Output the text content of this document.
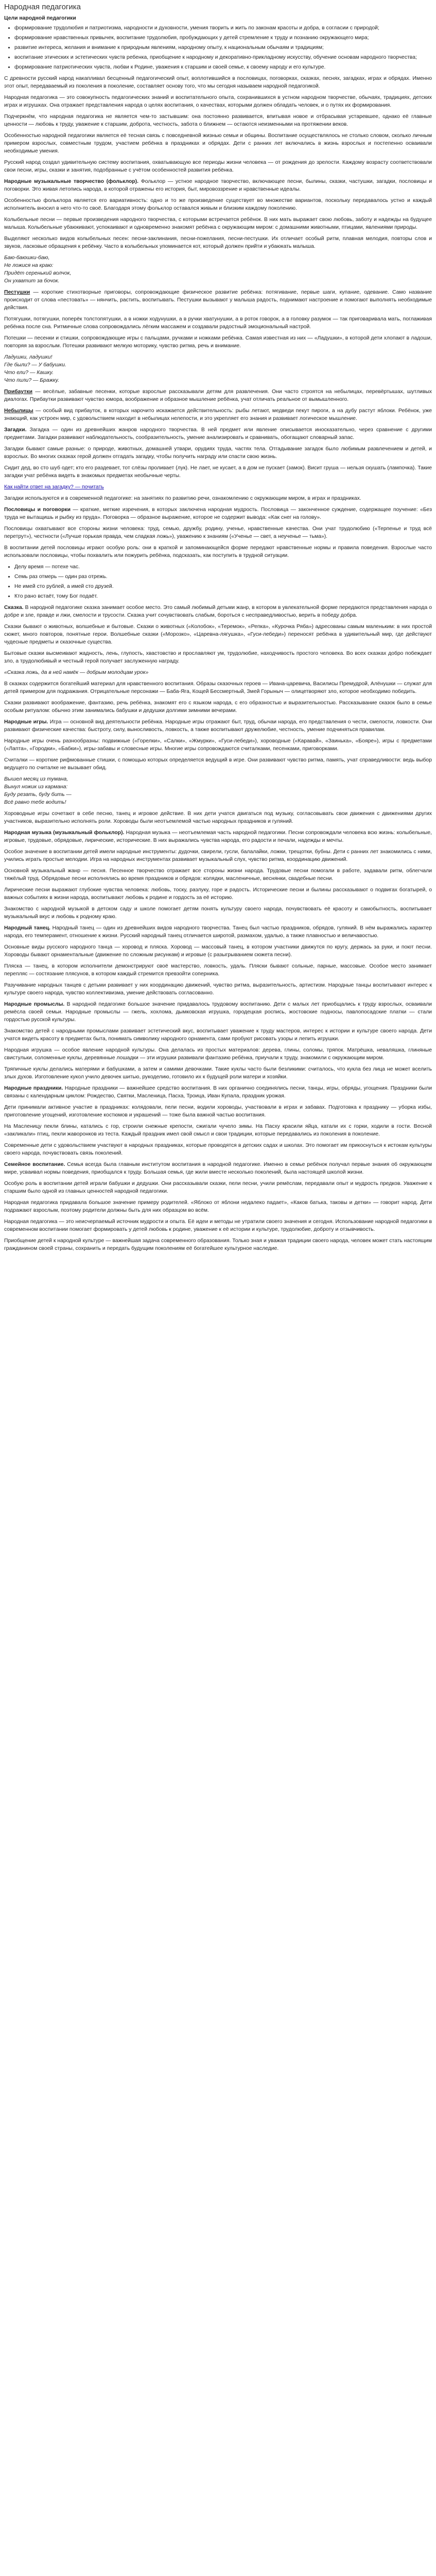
Народная педагогика
Цели народной педагогики
• формирование трудолюбия и патриотизма, народности и духовности, умения творить и жить по законам красоты и добра, в согласии с природой;
• формирование нравственных привычек, воспитание трудолюбия, пробуждающих у детей стремление к труду и познанию окружающего мира;
• развитие интереса, желания и внимание к природным явлениям, народному опыту, к национальным обычаям и традициям;
• воспитание этических и эстетических чувств ребенка, приобщение к народному и декоративно-прикладному искусству, обучение основам народного творчества;
• формирование патриотических чувств, любви к Родине, уважения к старшим и своей семье, к своему народу и его культуре.

С древности русский народ накапливал бесценный педагогический опыт, воплотившийся в пословицах, поговорках, сказках, песнях, загадках, играх и обрядах. Именно этот опыт, передаваемый из поколения в поколение, составляет основу того, что мы сегодня называем народной педагогикой.

Народная педагогика — это совокупность педагогических знаний и воспитательного опыта, сохранившихся в устном народном творчестве, обычаях, традициях, детских играх и игрушках. Она отражает представления народа о целях воспитания, о качествах, которыми должен обладать человек, и о путях их формирования.

Подчеркнём, что народная педагогика не является чем-то застывшим: она постоянно развивается, впитывая новое и отбрасывая устаревшее, однако её главные ценности — любовь к труду, уважение к старшим, доброта, честность, забота о ближнем — остаются неизменными на протяжении веков.

Особенностью народной педагогики является её тесная связь с повседневной жизнью семьи и общины. Воспитание осуществлялось не столько словом, сколько личным примером взрослых, совместным трудом, участием ребёнка в праздниках и обрядах. Дети с ранних лет включались в жизнь взрослых и постепенно осваивали необходимые умения.

Русский народ создал удивительную систему воспитания, охватывающую все периоды жизни человека — от рождения до зрелости. Каждому возрасту соответствовали свои песни, игры, сказки и занятия, подобранные с учётом особенностей развития ребёнка.

Народные музыкальные творчество (фольклор). Фольклор — устное народное творчество, включающее песни, былины, сказки, частушки, загадки, пословицы и поговорки. Это живая летопись народа, в которой отражены его история, быт, мировоззрение и нравственные идеалы.

Особенностью фольклора является его вариативность: одно и то же произведение существует во множестве вариантов, поскольку передавалось устно и каждый исполнитель вносил в него что-то своё. Благодаря этому фольклор оставался живым и близким каждому поколению.

Колыбельные песни — первые произведения народного творчества, с которыми встречается ребёнок. В них мать выражает свою любовь, заботу и надежды на будущее малыша. Колыбельные убаюкивают, успокаивают и одновременно знакомят ребёнка с окружающим миром: с домашними животными, птицами, явлениями природы.

Выделяют несколько видов колыбельных песен: песни-заклинания, песни-пожелания, песни-пестушки. Их отличает особый ритм, плавная мелодия, повторы слов и звуков, ласковые обращения к ребёнку. Часто в колыбельных упоминается кот, который должен прийти и убаюкать малыша.

Баю-баюшки-баю,
Не ложися на краю:
Придёт серенький волчок,
Он ухватит за бочок.

Пестушки — короткие стихотворные приговоры, сопровождающие физическое развитие ребёнка: потягивание, первые шаги, купание, одевание. Само название происходит от слова «пестовать» — нянчить, растить, воспитывать. Пестушки вызывают у малыша радость, поднимают настроение и помогают выполнять необходимые действия.

Потягушки, потягушки, поперёк толстопятушки, а в ножки ходунушки, а в ручки хватунушки, а в роток говорок, а в головку разумок — так приговаривала мать, поглаживая ребёнка после сна. Ритмичные слова сопровождались лёгким массажем и создавали радостный эмоциональный настрой.

Потешки — песенки и стишки, сопровождающие игры с пальцами, ручками и ножками ребёнка. Самая известная из них — «Ладушки», в которой дети хлопают в ладоши, повторяя за взрослым. Потешки развивают мелкую моторику, чувство ритма, речь и внимание.

Ладушки, ладушки!
Где были? — У бабушки.
Что ели? — Кашку.
Что пили? — Бражку.

Прибаутки — весёлые, забавные песенки, которые взрослые рассказывали детям для развлечения. Они часто строятся на небылицах, перевёртышах, шутливых диалогах. Прибаутки развивают чувство юмора, воображение и образное мышление ребёнка, учат отличать реальное от вымышленного.

Небылицы — особый вид прибауток, в которых нарочито искажается действительность: рыбы летают, медведи пекут пироги, а на дубу растут яблоки. Ребёнок, уже знающий, как устроен мир, с удовольствием находит в небылицах нелепости, и это укрепляет его знания и развивает логическое мышление.

Загадки. Загадка — один из древнейших жанров народного творчества. В ней предмет или явление описывается иносказательно, через сравнение с другими предметами. Загадки развивают наблюдательность, сообразительность, умение анализировать и сравнивать, обогащают словарный запас.

Загадки бывают самые разные: о природе, животных, домашней утвари, орудиях труда, частях тела. Отгадывание загадок было любимым развлечением и детей, и взрослых. Во многих сказках герой должен отгадать загадку, чтобы получить награду или спасти свою жизнь.

Сидит дед, во сто шуб одет; кто его раздевает, тот слёзы проливает (лук). Не лает, не кусает, а в дом не пускает (замок). Висит груша — нельзя скушать (лампочка). Такие загадки учат ребёнка видеть в знакомых предметах необычные черты.

Как найти ответ на загадку? — почитать

Загадки используются и в современной педагогике: на занятиях по развитию речи, ознакомлению с окружающим миром, в играх и праздниках.

Пословицы и поговорки — краткие, меткие изречения, в которых заключена народная мудрость. Пословица — законченное суждение, содержащее поучение: «Без труда не вытащишь и рыбку из пруда». Поговорка — образное выражение, которое не содержит вывода: «Как снег на голову».

Пословицы охватывают все стороны жизни человека: труд, семью, дружбу, родину, ученье, нравственные качества. Они учат трудолюбию («Терпенье и труд всё перетрут»), честности («Лучше горькая правда, чем сладкая ложь»), уважению к знаниям («Ученье — свет, а неученье — тьма»).

В воспитании детей пословицы играют особую роль: они в краткой и запоминающейся форме передают нравственные нормы и правила поведения. Взрослые часто использовали пословицы, чтобы похвалить или пожурить ребёнка, подсказать, как поступить в трудной ситуации.

• Делу время — потехе час.
• Семь раз отмерь — один раз отрежь.
• Не имей сто рублей, а имей сто друзей.
• Кто рано встаёт, тому Бог подаёт.

Сказка. В народной педагогике сказка занимает особое место. Это самый любимый детьми жанр, в котором в увлекательной форме передаются представления народа о добре и зле, правде и лжи, смелости и трусости. Сказка учит сочувствовать слабым, бороться с несправедливостью, верить в победу добра.

Сказки бывают о животных, волшебные и бытовые. Сказки о животных («Колобок», «Теремок», «Репка», «Курочка Ряба») адресованы самым маленьким: в них простой сюжет, много повторов, понятные герои. Волшебные сказки («Морозко», «Царевна-лягушка», «Гуси-лебеди») переносят ребёнка в удивительный мир, где действуют чудесные предметы и сказочные существа.

Бытовые сказки высмеивают жадность, лень, глупость, хвастовство и прославляют ум, трудолюбие, находчивость простого человека. Во всех сказках добро побеждает зло, а трудолюбивый и честный герой получает заслуженную награду.

«Сказка ложь, да в ней намёк — добрым молодцам урок»

В сказках содержится богатейший материал для нравственного воспитания. Образы сказочных героев — Ивана-царевича, Василисы Премудрой, Алёнушки — служат для детей примером для подражания. Отрицательные персонажи — Баба-Яга, Кощей Бессмертный, Змей Горыныч — олицетворяют зло, которое необходимо победить.

Сказки развивают воображение, фантазию, речь ребёнка, знакомят его с языком народа, с его образностью и выразительностью. Рассказывание сказок было в семье особым ритуалом: обычно этим занимались бабушки и дедушки долгими зимними вечерами.

Народные игры. Игра — основной вид деятельности ребёнка. Народные игры отражают быт, труд, обычаи народа, его представления о чести, смелости, ловкости. Они развивают физические качества: быстроту, силу, выносливость, ловкость, а также воспитывают дружелюбие, честность, умение подчиняться правилам.

Народные игры очень разнообразны: подвижные («Горелки», «Салки», «Жмурки», «Гуси-лебеди»), хороводные («Каравай», «Заинька», «Бояре»), игры с предметами («Лапта», «Городки», «Бабки»), игры-забавы и словесные игры. Многие игры сопровождаются считалками, песенками, приговорками.

Считалки — короткие рифмованные стишки, с помощью которых определяется ведущий в игре. Они развивают чувство ритма, память, учат справедливости: ведь выбор ведущего по считалке не вызывает обид.

Вышел месяц из тумана,
Вынул ножик из кармана:
Буду резать, буду бить —
Всё равно тебе водить!

Хороводные игры сочетают в себе песню, танец и игровое действие. В них дети учатся двигаться под музыку, согласовывать свои движения с движениями других участников, выразительно исполнять роли. Хороводы были неотъемлемой частью народных праздников и гуляний.

Народная музыка (музыкальный фольклор). Народная музыка — неотъемлемая часть народной педагогики. Песни сопровождали человека всю жизнь: колыбельные, игровые, трудовые, обрядовые, лирические, исторические. В них выражались чувства народа, его радости и печали, надежды и мечты.

Особое значение в воспитании детей имели народные инструменты: дудочки, свирели, гусли, балалайки, ложки, трещотки, бубны. Дети с ранних лет знакомились с ними, учились играть простые мелодии. Игра на народных инструментах развивает музыкальный слух, чувство ритма, координацию движений.

Основной музыкальный жанр — песня. Песенное творчество отражает все стороны жизни народа. Трудовые песни помогали в работе, задавали ритм, облегчали тяжёлый труд. Обрядовые песни исполнялись во время праздников и обрядов: колядки, масленичные, веснянки, свадебные песни.

Лирические песни выражают глубокие чувства человека: любовь, тоску, разлуку, горе и радость. Исторические песни и былины рассказывают о подвигах богатырей, о важных событиях в жизни народа, воспитывают любовь к родине и гордость за её историю.

Знакомство с народной музыкой в детском саду и школе помогает детям понять культуру своего народа, почувствовать её красоту и самобытность, воспитывает музыкальный вкус и любовь к родному краю.

Народный танец. Народный танец — один из древнейших видов народного творчества. Танец был частью праздников, обрядов, гуляний. В нём выражались характер народа, его темперамент, отношение к жизни. Русский народный танец отличается широтой, размахом, удалью, а также плавностью и величавостью.

Основные виды русского народного танца — хоровод и пляска. Хоровод — массовый танец, в котором участники движутся по кругу, держась за руки, и поют песни. Хороводы бывают орнаментальные (движение по сложным рисункам) и игровые (с разыгрыванием сюжета песни).

Пляска — танец, в котором исполнители демонстрируют своё мастерство, ловкость, удаль. Пляски бывают сольные, парные, массовые. Особое место занимает перепляс — состязание плясунов, в котором каждый стремится превзойти соперника.

Разучивание народных танцев с детьми развивает у них координацию движений, чувство ритма, выразительность, артистизм. Народные танцы воспитывают интерес к культуре своего народа, чувство коллективизма, умение действовать согласованно.

Народные промыслы. В народной педагогике большое значение придавалось трудовому воспитанию. Дети с малых лет приобщались к труду взрослых, осваивали ремёсла своей семьи. Народные промыслы — гжель, хохлома, дымковская игрушка, городецкая роспись, жостовские подносы, павлопосадские платки — стали гордостью русской культуры.

Знакомство детей с народными промыслами развивает эстетический вкус, воспитывает уважение к труду мастеров, интерес к истории и культуре своего народа. Дети учатся видеть красоту в предметах быта, понимать символику народного орнамента, сами пробуют рисовать узоры и лепить игрушки.

Народная игрушка — особое явление народной культуры. Она делалась из простых материалов: дерева, глины, соломы, тряпок. Матрёшка, неваляшка, глиняные свистульки, соломенные куклы, деревянные лошадки — эти игрушки развивали фантазию ребёнка, приучали к труду, знакомили с окружающим миром.

Тряпичные куклы делались матерями и бабушками, а затем и самими девочками. Такие куклы часто были безликими: считалось, что кукла без лица не может вселить злых духов. Изготовление кукол учило девочек шитью, рукоделию, готовило их к будущей роли матери и хозяйки.

Народные праздники. Народные праздники — важнейшее средство воспитания. В них органично соединялись песни, танцы, игры, обряды, угощения. Праздники были связаны с календарным циклом: Рождество, Святки, Масленица, Пасха, Троица, Иван Купала, праздник урожая.

Дети принимали активное участие в праздниках: колядовали, пели песни, водили хороводы, участвовали в играх и забавах. Подготовка к празднику — уборка избы, приготовление угощений, изготовление костюмов и украшений — тоже была важной частью воспитания.

На Масленицу пекли блины, катались с гор, строили снежные крепости, сжигали чучело зимы. На Пасху красили яйца, катали их с горки, ходили в гости. Весной «закликали» птиц, пекли жаворонков из теста. Каждый праздник имел свой смысл и свои традиции, которые передавались из поколения в поколение.

Современные дети с удовольствием участвуют в народных праздниках, которые проводятся в детских садах и школах. Это помогает им прикоснуться к истокам культуры своего народа, почувствовать связь поколений.

Семейное воспитание. Семья всегда была главным институтом воспитания в народной педагогике. Именно в семье ребёнок получал первые знания об окружающем мире, усваивал нормы поведения, приобщался к труду. Большая семья, где жили вместе несколько поколений, была настоящей школой жизни.

Особую роль в воспитании детей играли бабушки и дедушки. Они рассказывали сказки, пели песни, учили ремёслам, передавали опыт и мудрость предков. Уважение к старшим было одной из главных ценностей народной педагогики.

Народная педагогика придавала большое значение примеру родителей. «Яблоко от яблони недалеко падает», «Каков батька, таковы и детки» — говорит народ. Дети подражают взрослым, поэтому родители должны быть для них образцом во всём.

Народная педагогика — это неисчерпаемый источник мудрости и опыта. Её идеи и методы не утратили своего значения и сегодня. Использование народной педагогики в современном воспитании помогает формировать у детей любовь к родине, уважение к её истории и культуре, трудолюбие, доброту и отзывчивость.

Приобщение детей к народной культуре — важнейшая задача современного образования. Только зная и уважая традиции своего народа, человек может стать настоящим гражданином своей страны, сохранить и передать будущим поколениям её богатейшее культурное наследие.
